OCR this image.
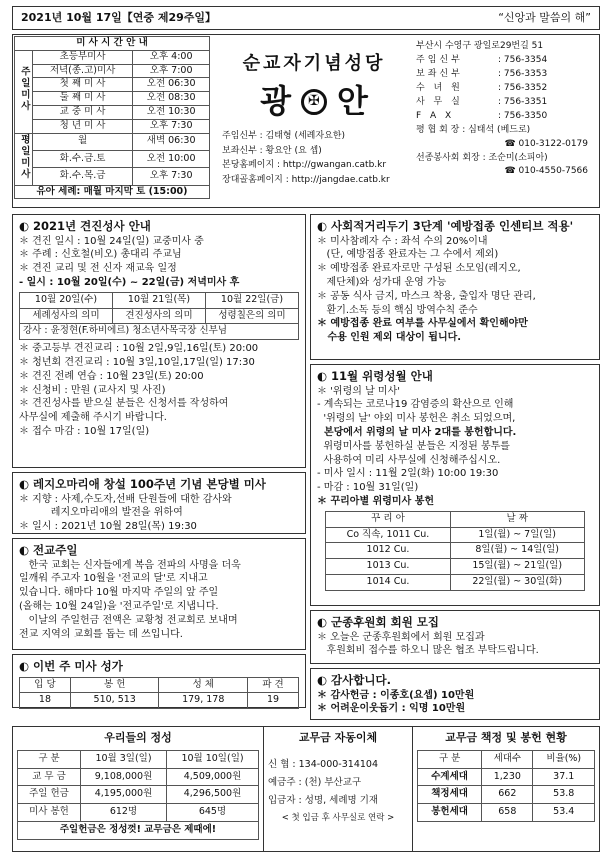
2021년 10월 17일【연중 제29주일】	“신앙과 말씀의 해”
미 사 시 간 안 내		
주일미사	초등부미사	오후 4:00
	저녁(종.고)미사	오후 7:00
	첫 째 미 사	오전 06:30
	둘 째 미 사	오전 08:30
	교 중 미 사	오전 10:30
	청 년 미 사	오후 7:30
평일미사	월	새벽 06:30
	화.수.금.토	오전 10:00
	화.수.목.금	오후 7:30
유아 세례: 매월 마지막 토 (15:00)		
순교자기념성당
광	✠ 안
주임신부 : 김태형 (세례자요한)
보좌신부 : 황요안 (요 셉)
본당홈페이지 : http://gwangan.catb.kr
장대골홈페이지 : http://jangdae.catb.kr
부산시 수영구 광일로29번길 51
주임신부	: 756-3354
보좌신부	: 756-3353
수 녀 원	: 756-3352
사 무 실	: 756-3351
F A X	: 756-3350
평 협 회 장 : 심태석 (베드로)
☎ 010-3122-0179
선종봉사회 회장 : 조순미(소피아)
☎ 010-4550-7566
◐ 2021년 견진성사 안내
＊ 견진 일시 : 10월 24일(일) 교중미사 중
＊ 주례 : 신호철(비오) 총대리 주교님
＊ 견진 교리 및 전 신자 재교육 일정
- 일시 : 10월 20일(수) ~ 22일(금) 저녁미사 후
10월 20일(수)	10월 21일(목)	10월 22일(금)
세례성사의 의미	견진성사의 의미	성령칠은의 의미
강사 : 윤정현(F.하비에르) 청소년사목국장 신부님		
＊ 중고등부 견진교리 : 10월 2일,9일,16일(토) 20:00
＊ 청년회 견진교리 : 10월 3일,10일,17일(일) 17:30
＊ 견진 전례 연습 : 10월 23일(토) 20:00
＊ 신청비 : 만원 (교사지 및 사진)
＊ 견진성사를 받으실 분들은 신청서를 작성하여
사무실에 제출해 주시기 바랍니다.
＊ 접수 마감 : 10월 17일(일)
◐ 레지오마리애 창설 100주년 기념 본당별 미사
＊ 지향 : 사제,수도자,선배 단원들에 대한 감사와
레지오마리애의 발전을 위하여
＊ 일시 : 2021년 10월 28일(목) 19:30
◐ 전교주일
한국 교회는 신자들에게 복음 전파의 사명을 더욱
일깨워 주고자 10월을 '전교의 달'로 지내고
있습니다. 해마다 10월 마지막 주일의 앞 주일
(올해는 10월 24일)을 '전교주일'로 지냅니다.
이날의 주일헌금 전액은 교황청 전교회로 보내며
전교 지역의 교회를 돕는 데 쓰입니다.
◐ 이번 주 미사 성가
입 당	봉 헌	성 체	파 견
18	510, 513	179, 178	19
◐ 사회적거리두기 3단계 '예방접종 인센티브 적용'
＊ 미사참례자 수 : 좌석 수의 20%이내
(단, 예방접종 완료자는 그 수에서 제외)
＊ 예방접종 완료자로만 구성된 소모임(레지오,
제단체)와 성가대 운영 가능
＊ 공동 식사 금지, 마스크 착용, 출입자 명단 관리,
환기.소독 등의 핵심 방역수칙 준수
＊ 예방접종 완료 여부를 사무실에서 확인해야만
수용 인원 제외 대상이 됩니다.
◐ 11월 위령성월 안내
＊ '위령의 날 미사'
- 계속되는 코로나19 감염증의 확산으로 인해
'위령의 날' 야외 미사 봉헌은 취소 되었으며,
본당에서 위령의 날 미사 2대를 봉헌합니다.
위령미사를 봉헌하실 분들은 지정된 봉투를
사용하여 미리 사무실에 신청해주십시오.
- 미사 일시 : 11월 2일(화) 10:00 19:30
- 마감 : 10월 31일(일)
＊ 꾸리아별 위령미사 봉헌
꾸 리 아	날 짜
Co 직속, 1011 Cu.	1일(월) ~ 7일(일)
1012 Cu.	8일(월) ~ 14일(일)
1013 Cu.	15일(월) ~ 21일(일)
1014 Cu.	22일(월) ~ 30일(화)
◐ 군종후원회 회원 모집
＊ 오늘은 군종후원회에서 회원 모집과
후원회비 접수를 하오니 많은 협조 부탁드립니다.
◐ 감사합니다.
＊ 감사헌금 : 이종호(요셉) 10만원
＊ 어려운이웃돕기 : 익명 10만원
우리들의 정성
구 분	10월 3일(일)	10월 10일(일)
교 무 금	9,108,000원	4,509,000원
주일 헌금	4,195,000원	4,296,500원
미사 봉헌	612명	645명
주일헌금은 정성껏! 교무금은 제때에!		
교무금 자동이체
신 협 : 134-000-314104
예금주 : (천) 부산교구
입금자 : 성명, 세례명 기재
< 첫 입금 후 사무실로 연락 >
교무금 책정 및 봉헌 현황
구 분	세대수	비율(%)
수계세대	1,230	37.1
책정세대	662	53.8
봉헌세대	658	53.4
